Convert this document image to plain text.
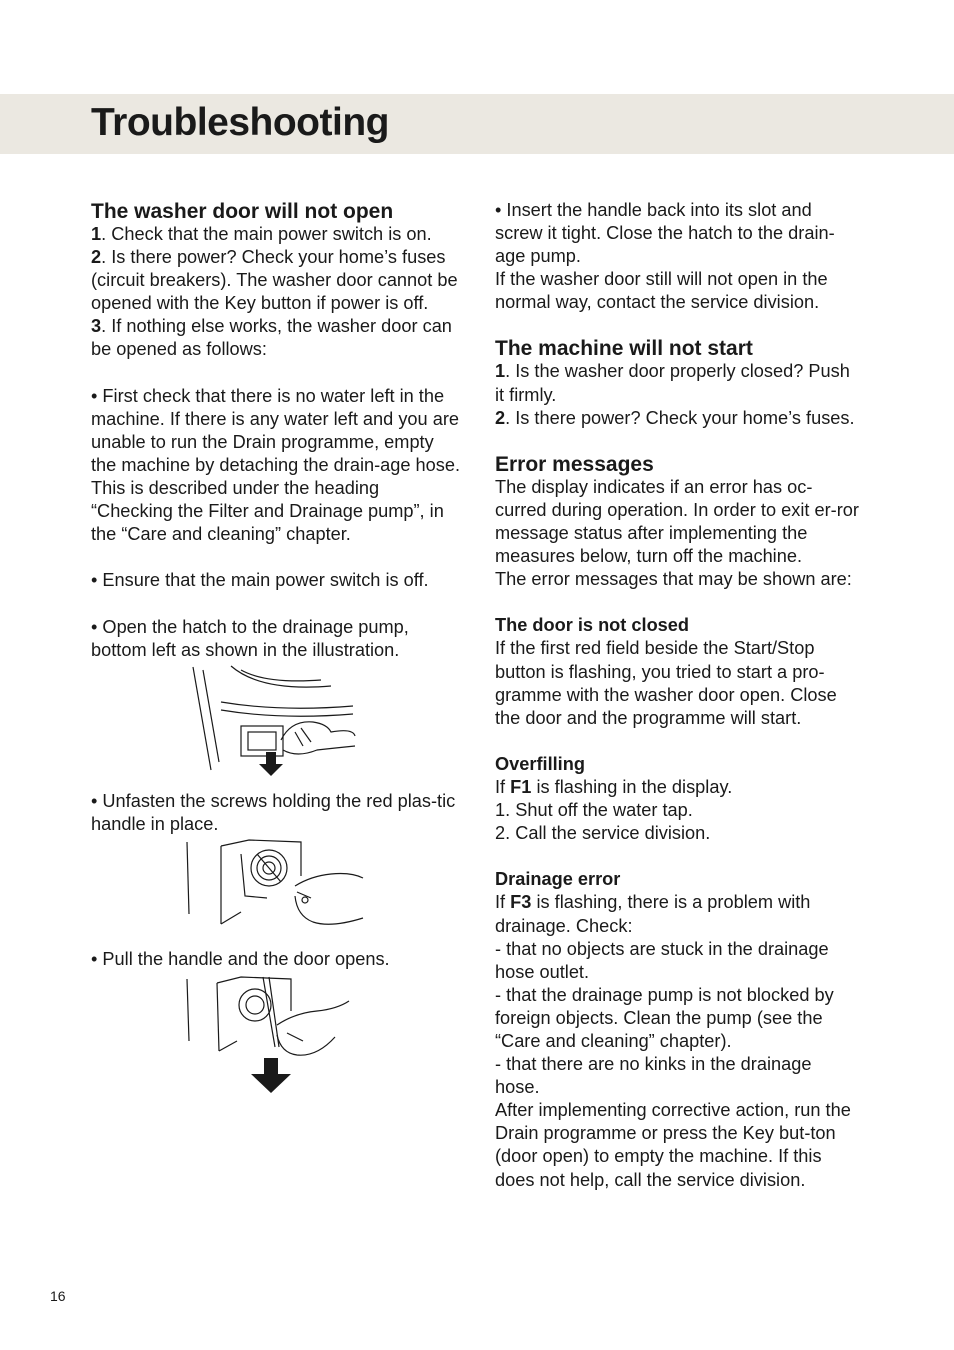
Troubleshooting
The washer door will not open

1. Check that the main power switch is on.

2. Is there power? Check your home’s fuses (circuit breakers). The washer door cannot be opened with the Key button if power is off.

3. If nothing else works, the washer door can be opened as follows:

• First check that there is no water left in the machine. If there is any water left and you are unable to run the Drain programme, empty the machine by detaching the drain-age hose. This is described under the heading “Checking the Filter and Drainage pump”, in the “Care and cleaning” chapter.

• Ensure that the main power switch is off.

• Open the hatch to the drainage pump, bottom left as shown in the illustration.

• Unfasten the screws holding the red plas-tic handle in place.

• Pull the handle and the door opens.

• Insert the handle back into its slot and screw it tight. Close the hatch to the drain-age pump.

If the washer door still will not open in the normal way, contact the service division.

The machine will not start

1. Is the washer door properly closed? Push it firmly.

2. Is there power? Check your home’s fuses.

Error messages

The display indicates if an error has oc-curred during operation. In order to exit er-ror message status after implementing the measures below, turn off the machine.

The error messages that may be shown are:

The door is not closed

If the first red field beside the Start/Stop button is flashing, you tried to start a pro-gramme with the washer door open. Close the door and the programme will start.

Overfilling

If F1 is flashing in the display.

1. Shut off the water tap.

2. Call the service division.

Drainage error

If F3 is flashing, there is a problem with drainage. Check:

- that no objects are stuck in the drainage hose outlet.

- that the drainage pump is not blocked by foreign objects. Clean the pump (see the “Care and cleaning” chapter).

- that there are no kinks in the drainage hose.

After implementing corrective action, run the Drain programme or press the Key but-ton (door open) to empty the machine. If this does not help, call the service division.

16
